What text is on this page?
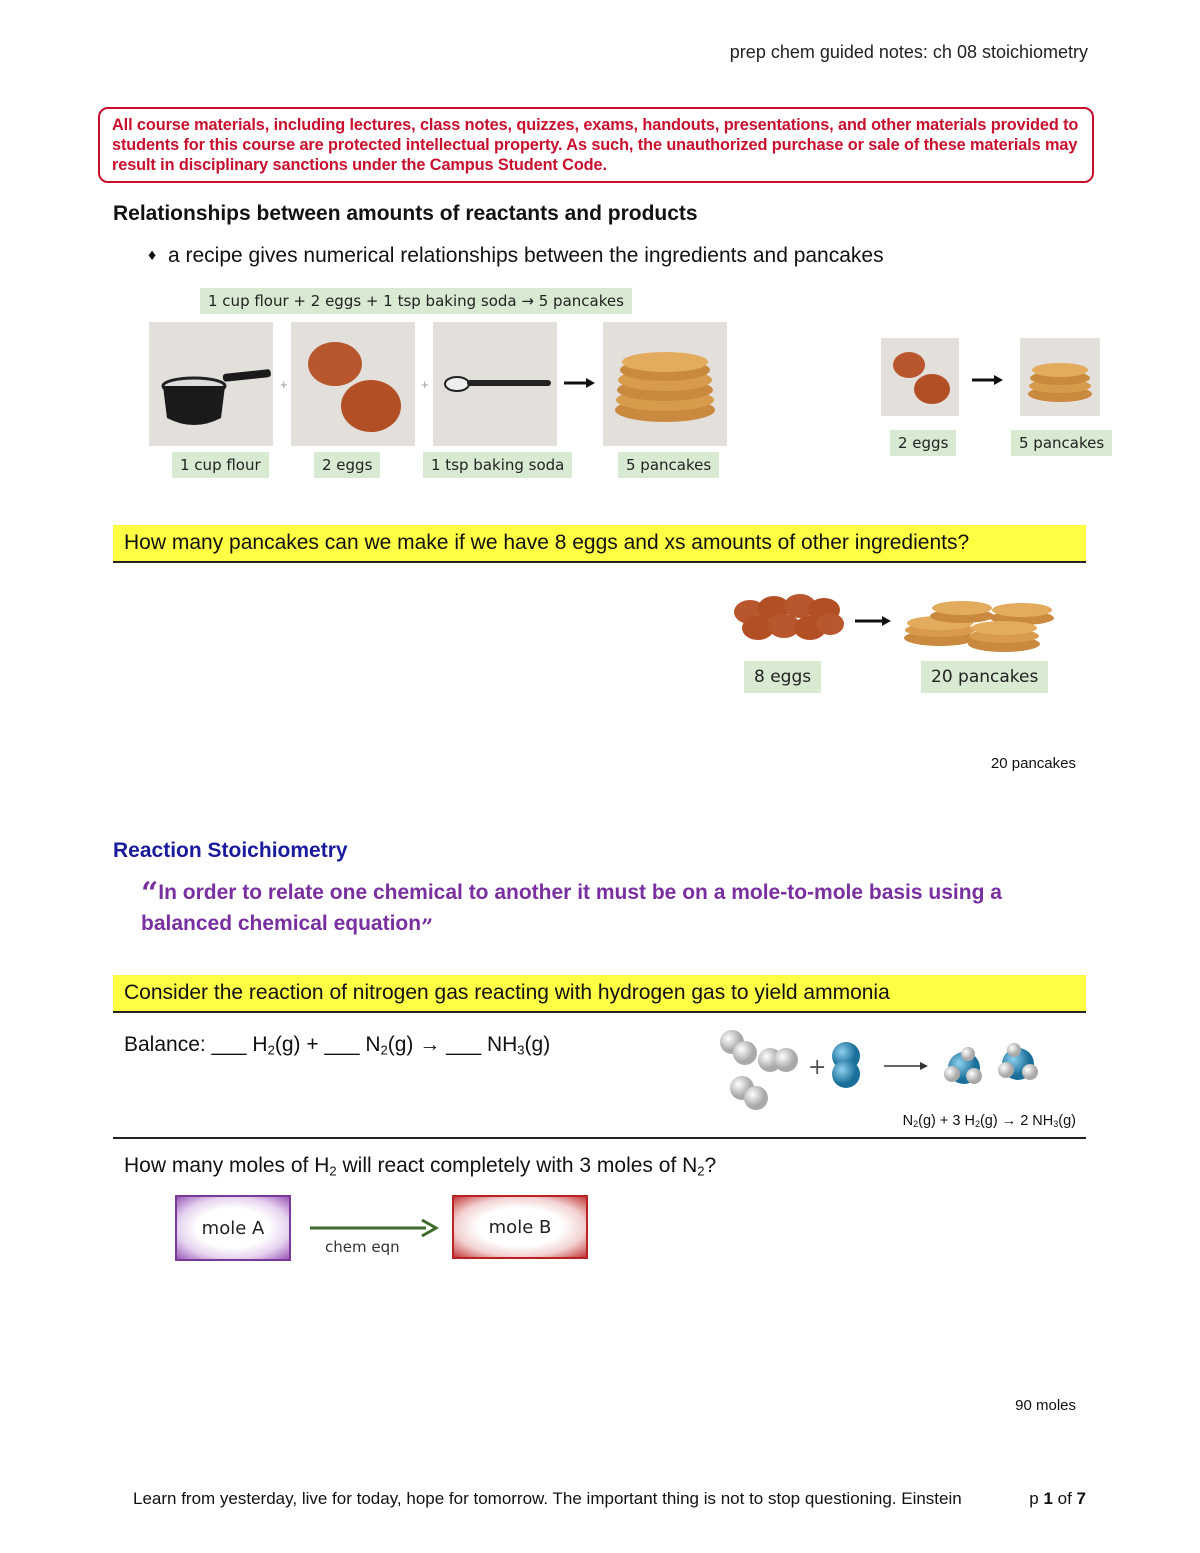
prep chem guided notes: ch 08 stoichiometry
All course materials, including lectures, class notes, quizzes, exams, handouts, presentations, and other materials provided to students for this course are protected intellectual property. As such, the unauthorized purchase or sale of these materials may result in disciplinary sanctions under the Campus Student Code.
Relationships between amounts of reactants and products
♦ a recipe gives numerical relationships between the ingredients and pancakes
1 cup flour + 2 eggs + 1 tsp baking soda → 5 pancakes
+	+
1 cup flour	2 eggs	1 tsp baking soda	5 pancakes
2 eggs	5 pancakes
How many pancakes can we make if we have 8 eggs and xs amounts of other ingredients?
8 eggs	20 pancakes
20 pancakes
Reaction Stoichiometry
“In order to relate one chemical to another it must be on a mole-to-mole basis using a balanced chemical equation”
Consider the reaction of nitrogen gas reacting with hydrogen gas to yield ammonia
Balance: ___ $H_2(g)$ + ___ $N_2(g)$ → ___ $NH_3(g)$
+
$N_2(g) + 3$ $H_2(g) \to 2$ $NH_3(g)$
How many moles of $H_2$ will react completely with 3 moles of $N_2$?
mole A
chem eqn
mole B
90 moles
Learn from yesterday, live for today, hope for tomorrow. The important thing is not to stop questioning. Einstein	p 1 of 7
